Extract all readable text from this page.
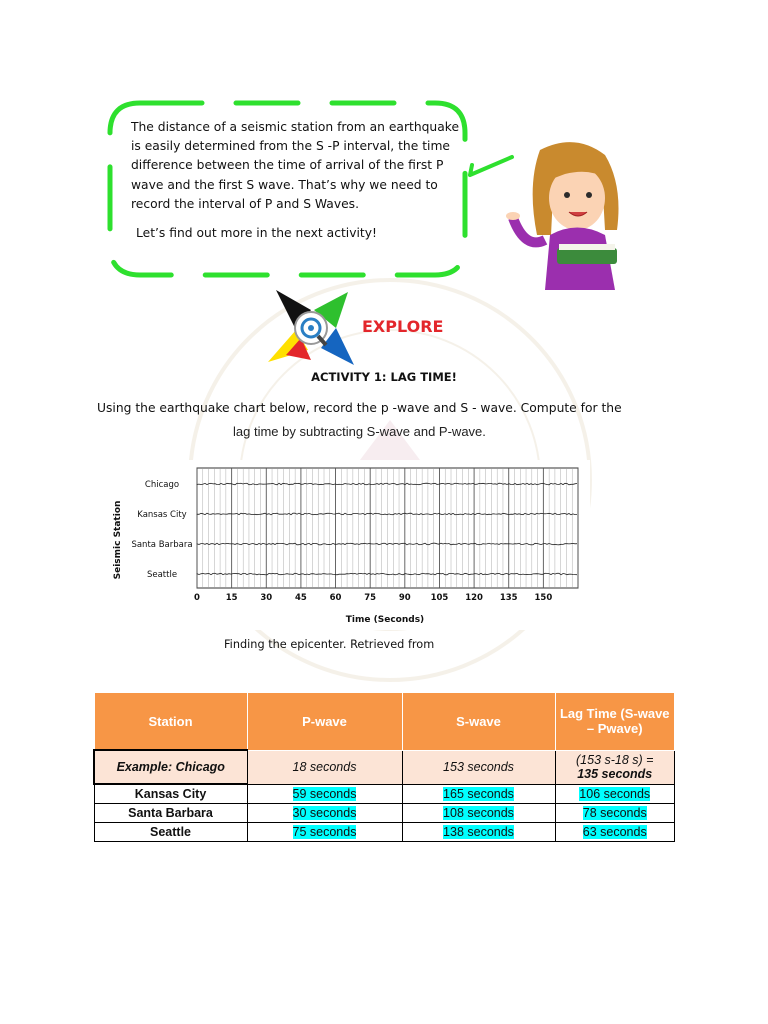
The distance of a seismic station from an earthquake is easily determined from the S -P interval, the time difference between the time of arrival of the first P wave and the first S wave. That’s why we need to record the interval of P and S Waves.

Let’s find out more in the next activity!

EXPLORE
ACTIVITY 1: LAG TIME!
Using the earthquake chart below, record the p -wave and S - wave. Compute for the
lag time by subtracting S-wave and P-wave.
Chicago
Kansas City
Santa Barbara
Seattle
0	15	30	45	60	75	90 105 120 135 150
Seismic Station
Time (Seconds)
Finding the epicenter. Retrieved from
Station	P-wave	S-wave	Lag Time (S-wave – Pwave)
Example: Chicago	18 seconds	153 seconds	(153 s-18 s) =
135 seconds

Kansas City	59 seconds	165 seconds	106 seconds
Santa Barbara	30 seconds	108 seconds	78 seconds
Seattle	75 seconds	138 seconds	63 seconds
